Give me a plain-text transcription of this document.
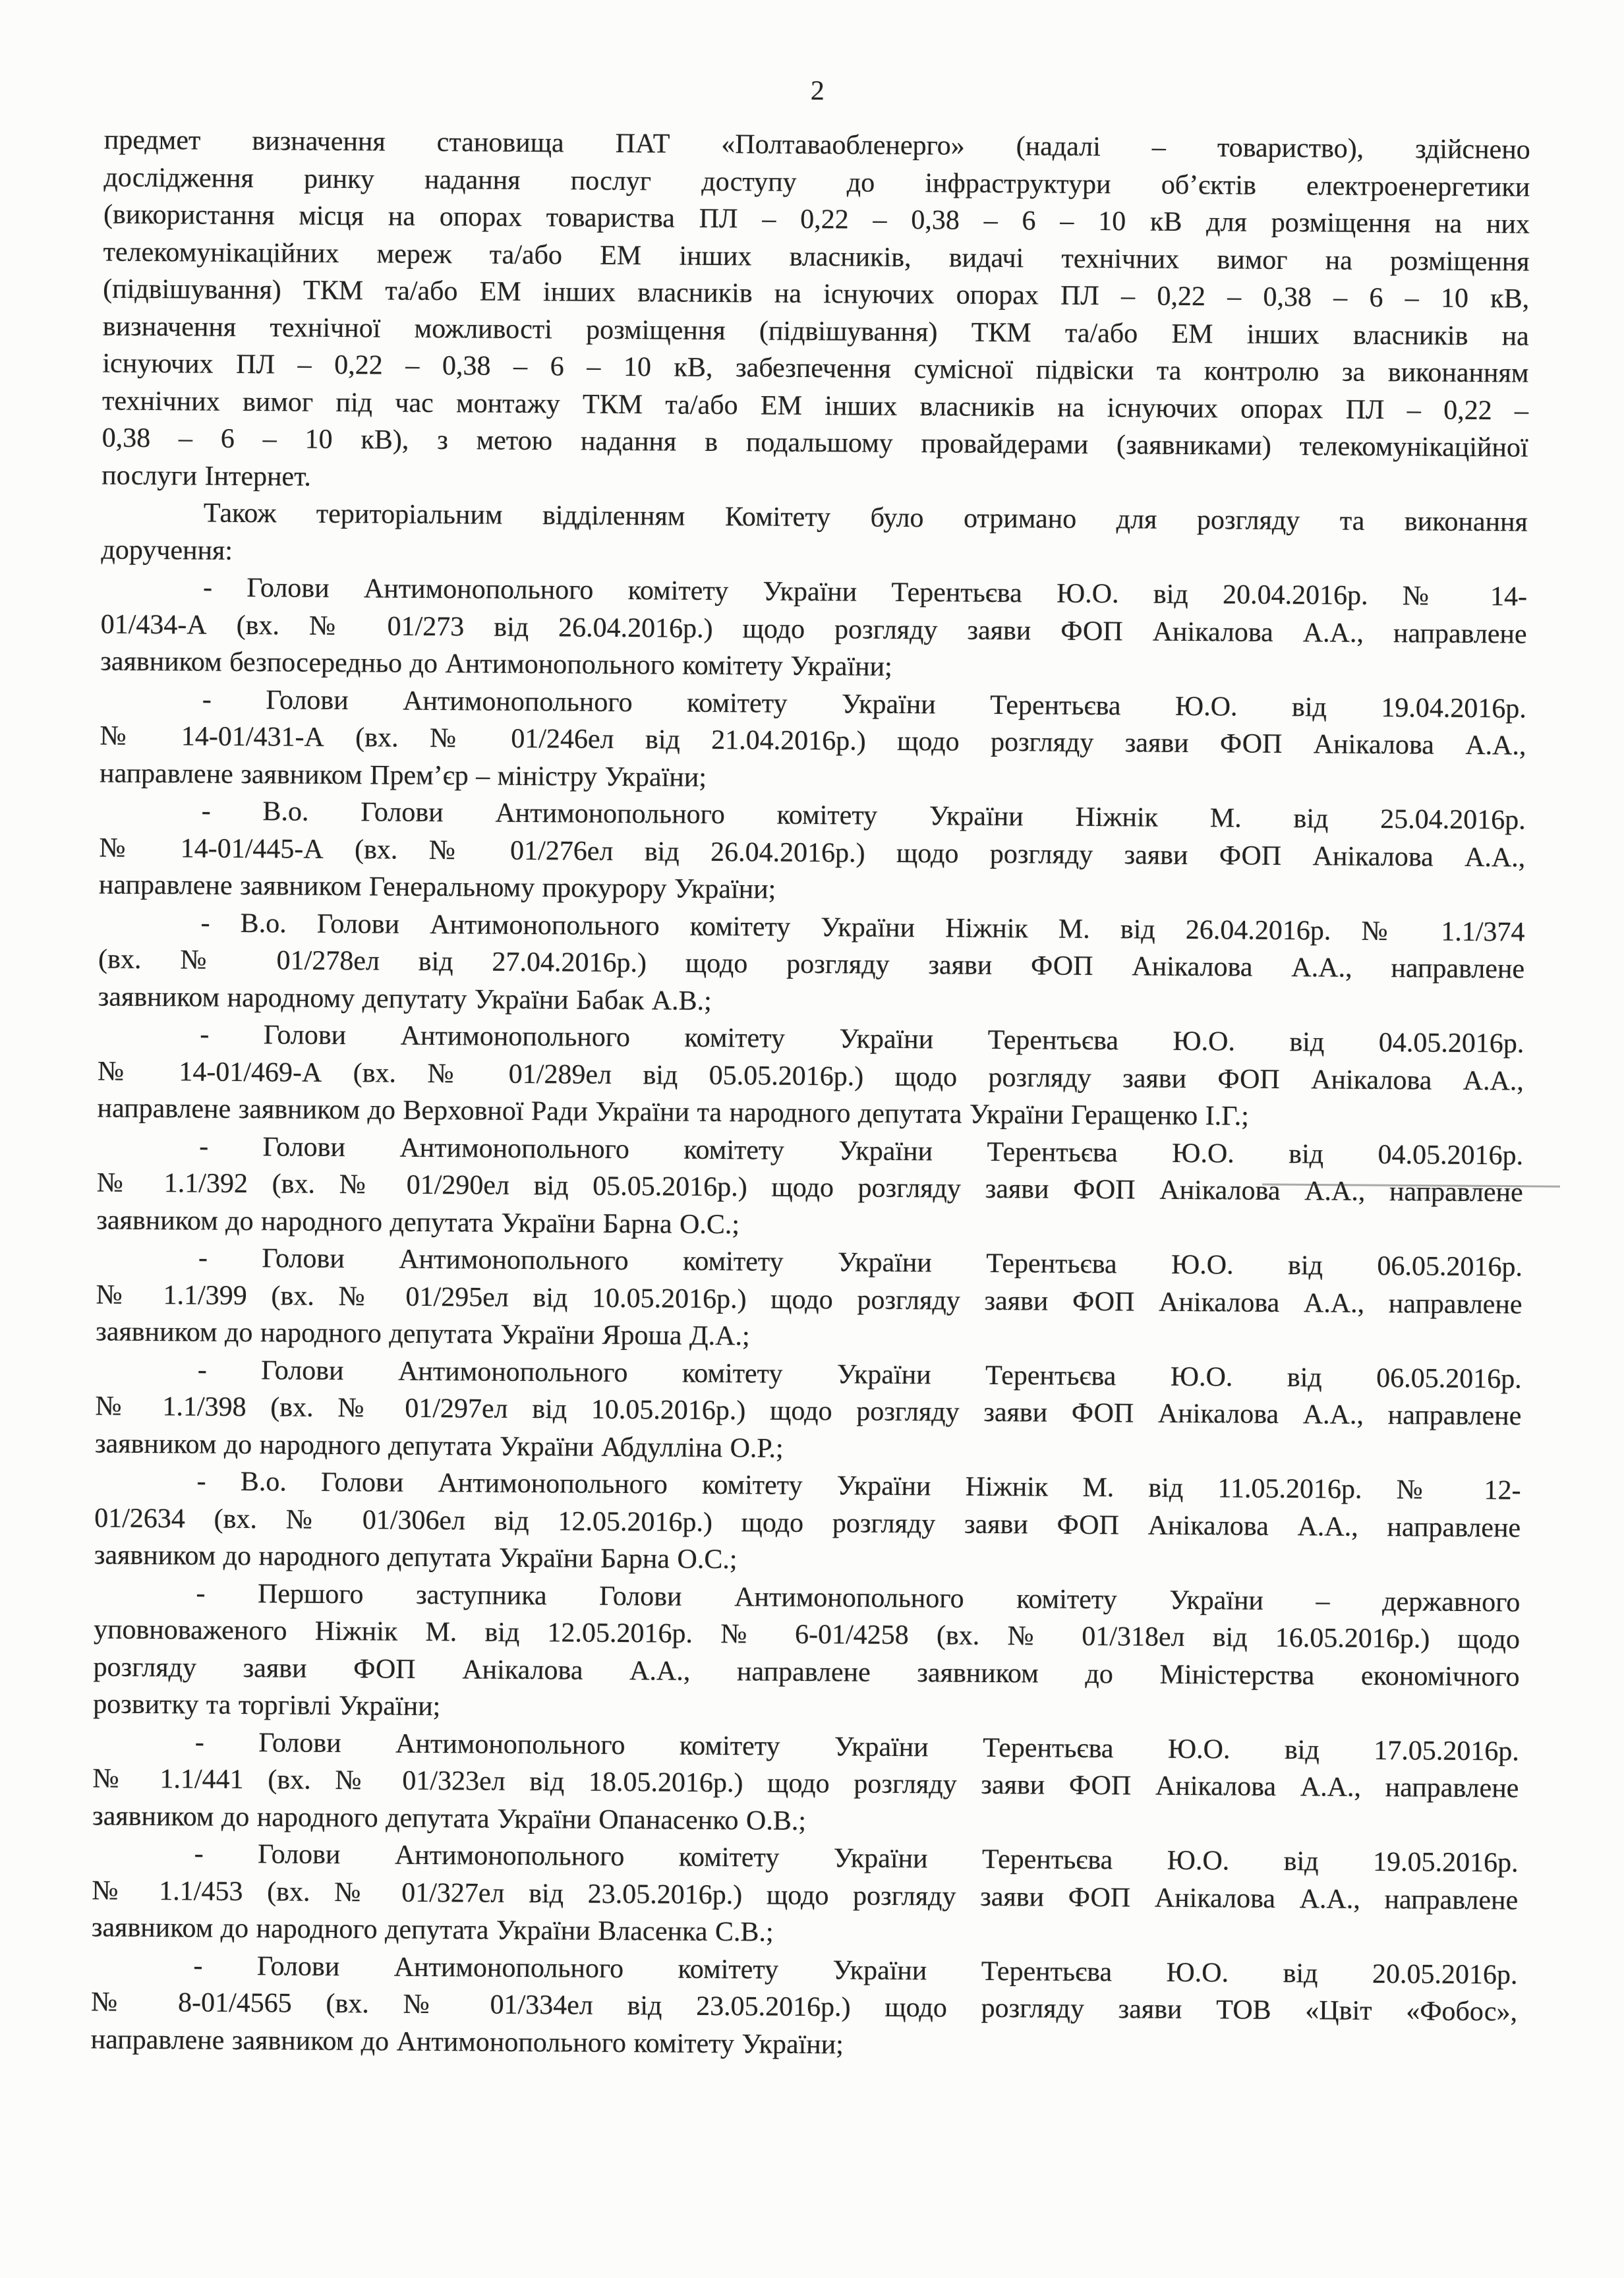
2
предмет визначення становища ПАТ «Полтаваобленерго» (надалі – товариство), здійснено
дослідження ринку надання послуг доступу до інфраструктури об’єктів електроенергетики
(використання місця на опорах товариства ПЛ – 0,22 – 0,38 – 6 – 10 кВ для розміщення на них
телекомунікаційних мереж та/або ЕМ інших власників, видачі технічних вимог на розміщення
(підвішування) ТКМ та/або ЕМ інших власників на існуючих опорах ПЛ – 0,22 – 0,38 – 6 – 10 кВ,
визначення технічної можливості розміщення (підвішування) ТКМ та/або ЕМ інших власників на
існуючих ПЛ – 0,22 – 0,38 – 6 – 10 кВ, забезпечення сумісної підвіски та контролю за виконанням
технічних вимог під час монтажу ТКМ та/або ЕМ інших власників на існуючих опорах ПЛ – 0,22 –
0,38 – 6 – 10 кВ), з метою надання в подальшому провайдерами (заявниками) телекомунікаційної
послуги Інтернет.
Також територіальним відділенням Комітету було отримано для розгляду та виконання
доручення:
- Голови Антимонопольного комітету України Терентьєва Ю.О. від 20.04.2016р. № 14-
01/434-А (вх. № 01/273 від 26.04.2016р.) щодо розгляду заяви ФОП Анікалова А.А., направлене
заявником безпосередньо до Антимонопольного комітету України;
- Голови Антимонопольного комітету України Терентьєва Ю.О. від 19.04.2016р.
№ 14-01/431-А (вх. № 01/246ел від 21.04.2016р.) щодо розгляду заяви ФОП Анікалова А.А.,
направлене заявником Прем’єр – міністру України;
- В.о. Голови Антимонопольного комітету України Ніжнік М. від 25.04.2016р.
№ 14-01/445-А (вх. № 01/276ел від 26.04.2016р.) щодо розгляду заяви ФОП Анікалова А.А.,
направлене заявником Генеральному прокурору України;
- В.о. Голови Антимонопольного комітету України Ніжнік М. від 26.04.2016р. № 1.1/374
(вх. № 01/278ел від 27.04.2016р.) щодо розгляду заяви ФОП Анікалова А.А., направлене
заявником народному депутату України Бабак А.В.;
- Голови Антимонопольного комітету України Терентьєва Ю.О. від 04.05.2016р.
№ 14-01/469-А (вх. № 01/289ел від 05.05.2016р.) щодо розгляду заяви ФОП Анікалова А.А.,
направлене заявником до Верховної Ради України та народного депутата України Геращенко І.Г.;
- Голови Антимонопольного комітету України Терентьєва Ю.О. від 04.05.2016р.
№ 1.1/392 (вх. № 01/290ел від 05.05.2016р.) щодо розгляду заяви ФОП Анікалова А.А., направлене
заявником до народного депутата України Барна О.С.;
- Голови Антимонопольного комітету України Терентьєва Ю.О. від 06.05.2016р.
№ 1.1/399 (вх. № 01/295ел від 10.05.2016р.) щодо розгляду заяви ФОП Анікалова А.А., направлене
заявником до народного депутата України Яроша Д.А.;
- Голови Антимонопольного комітету України Терентьєва Ю.О. від 06.05.2016р.
№ 1.1/398 (вх. № 01/297ел від 10.05.2016р.) щодо розгляду заяви ФОП Анікалова А.А., направлене
заявником до народного депутата України Абдулліна О.Р.;
- В.о. Голови Антимонопольного комітету України Ніжнік М. від 11.05.2016р. № 12-
01/2634 (вх. № 01/306ел від 12.05.2016р.) щодо розгляду заяви ФОП Анікалова А.А., направлене
заявником до народного депутата України Барна О.С.;
- Першого заступника Голови Антимонопольного комітету України – державного
уповноваженого Ніжнік М. від 12.05.2016р. № 6-01/4258 (вх. № 01/318ел від 16.05.2016р.) щодо
розгляду заяви ФОП Анікалова А.А., направлене заявником до Міністерства економічного
розвитку та торгівлі України;
- Голови Антимонопольного комітету України Терентьєва Ю.О. від 17.05.2016р.
№ 1.1/441 (вх. № 01/323ел від 18.05.2016р.) щодо розгляду заяви ФОП Анікалова А.А., направлене
заявником до народного депутата України Опанасенко О.В.;
- Голови Антимонопольного комітету України Терентьєва Ю.О. від 19.05.2016р.
№ 1.1/453 (вх. № 01/327ел від 23.05.2016р.) щодо розгляду заяви ФОП Анікалова А.А., направлене
заявником до народного депутата України Власенка С.В.;
- Голови Антимонопольного комітету України Терентьєва Ю.О. від 20.05.2016р.
№ 8-01/4565 (вх. № 01/334ел від 23.05.2016р.) щодо розгляду заяви ТОВ «Цвіт «Фобос»,
направлене заявником до Антимонопольного комітету України;
